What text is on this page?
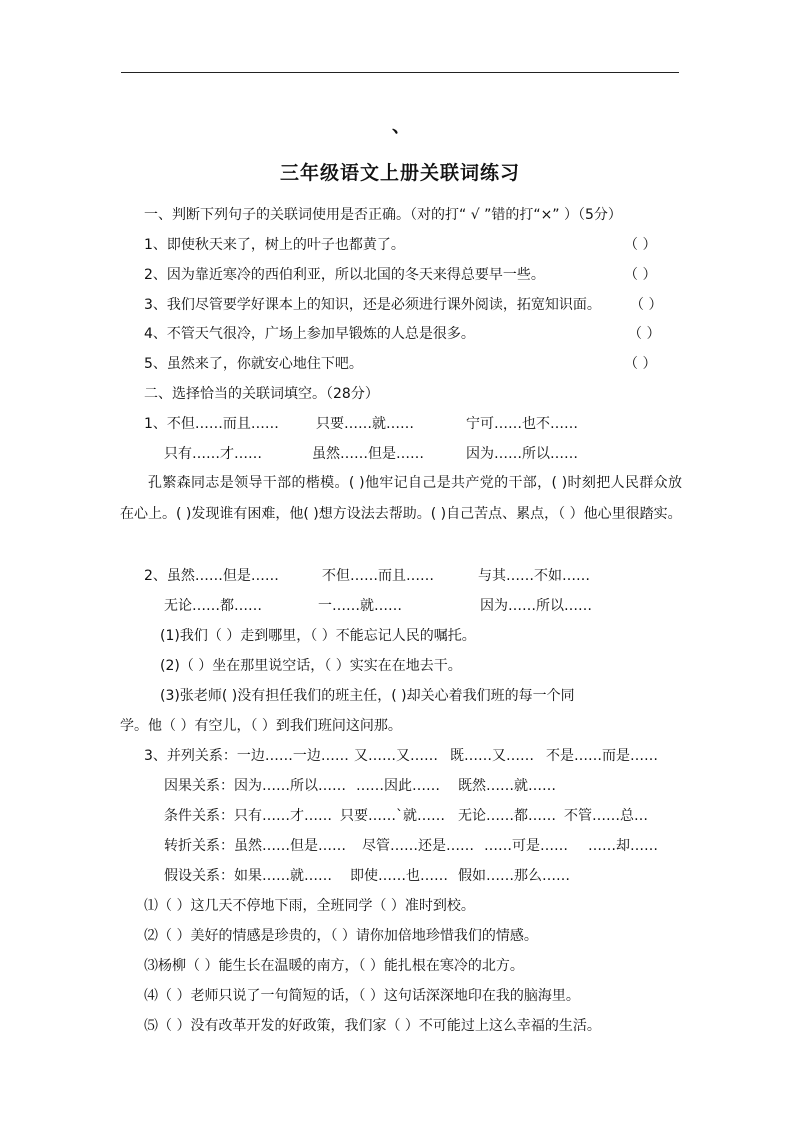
、
三年级语文上册关联词练习
一、判断下列句子的关联词使用是否正确。（对的打“ √ ”错的打“×” ）（5分）
1、即使秋天来了，树上的叶子也都黄了。	（ ）
2、因为靠近寒冷的西伯利亚，所以北国的冬天来得总要早一些。	（ ）
3、我们尽管要学好课本上的知识，还是必须进行课外阅读，拓宽知识面。 （ ）
4、不管天气很冷，广场上参加早锻炼的人总是很多。	（ ）
5、虽然来了，你就安心地住下吧。	（ ）
二、选择恰当的关联词填空。（28分）
1、不但……而且……	只要……就……	宁可……也不……
只有……才……	虽然……但是……	因为……所以……
孔繁森同志是领导干部的楷模。( )他牢记自己是共产党的干部，( )时刻把人民群众放在心上。( )发现谁有困难，他( )想方设法去帮助。( )自己苦点、累点，（ ）他心里很踏实。
2、虽然……但是……	不但……而且……	与其……不如……
无论……都……	一……就……	因为……所以……
(1)我们（ ）走到哪里，（ ）不能忘记人民的嘱托。
(2)（ ）坐在那里说空话，（ ）实实在在地去干。
(3)张老师( )没有担任我们的班主任，( )却关心着我们班的每一个同
学。他（ ）有空儿，（ ）到我们班问这问那。
3、并列关系：一边……一边…… 又……又…… 既……又…… 不是……而是……
因果关系：因为……所以…… ……因此…… 既然……就……
条件关系：只有……才…… 只要……`就…… 无论……都…… 不管……总…
转折关系：虽然……但是…… 尽管……还是…… ……可是…… ……却……
假设关系：如果……就…… 即使……也…… 假如……那么……
⑴（ ）这几天不停地下雨，全班同学（ ）准时到校。
⑵（ ）美好的情感是珍贵的，（ ）请你加倍地珍惜我们的情感。
⑶杨柳（ ）能生长在温暖的南方，（ ）能扎根在寒冷的北方。
⑷（ ）老师只说了一句简短的话，（ ）这句话深深地印在我的脑海里。
⑸（ ）没有改革开发的好政策，我们家（ ）不可能过上这么幸福的生活。
